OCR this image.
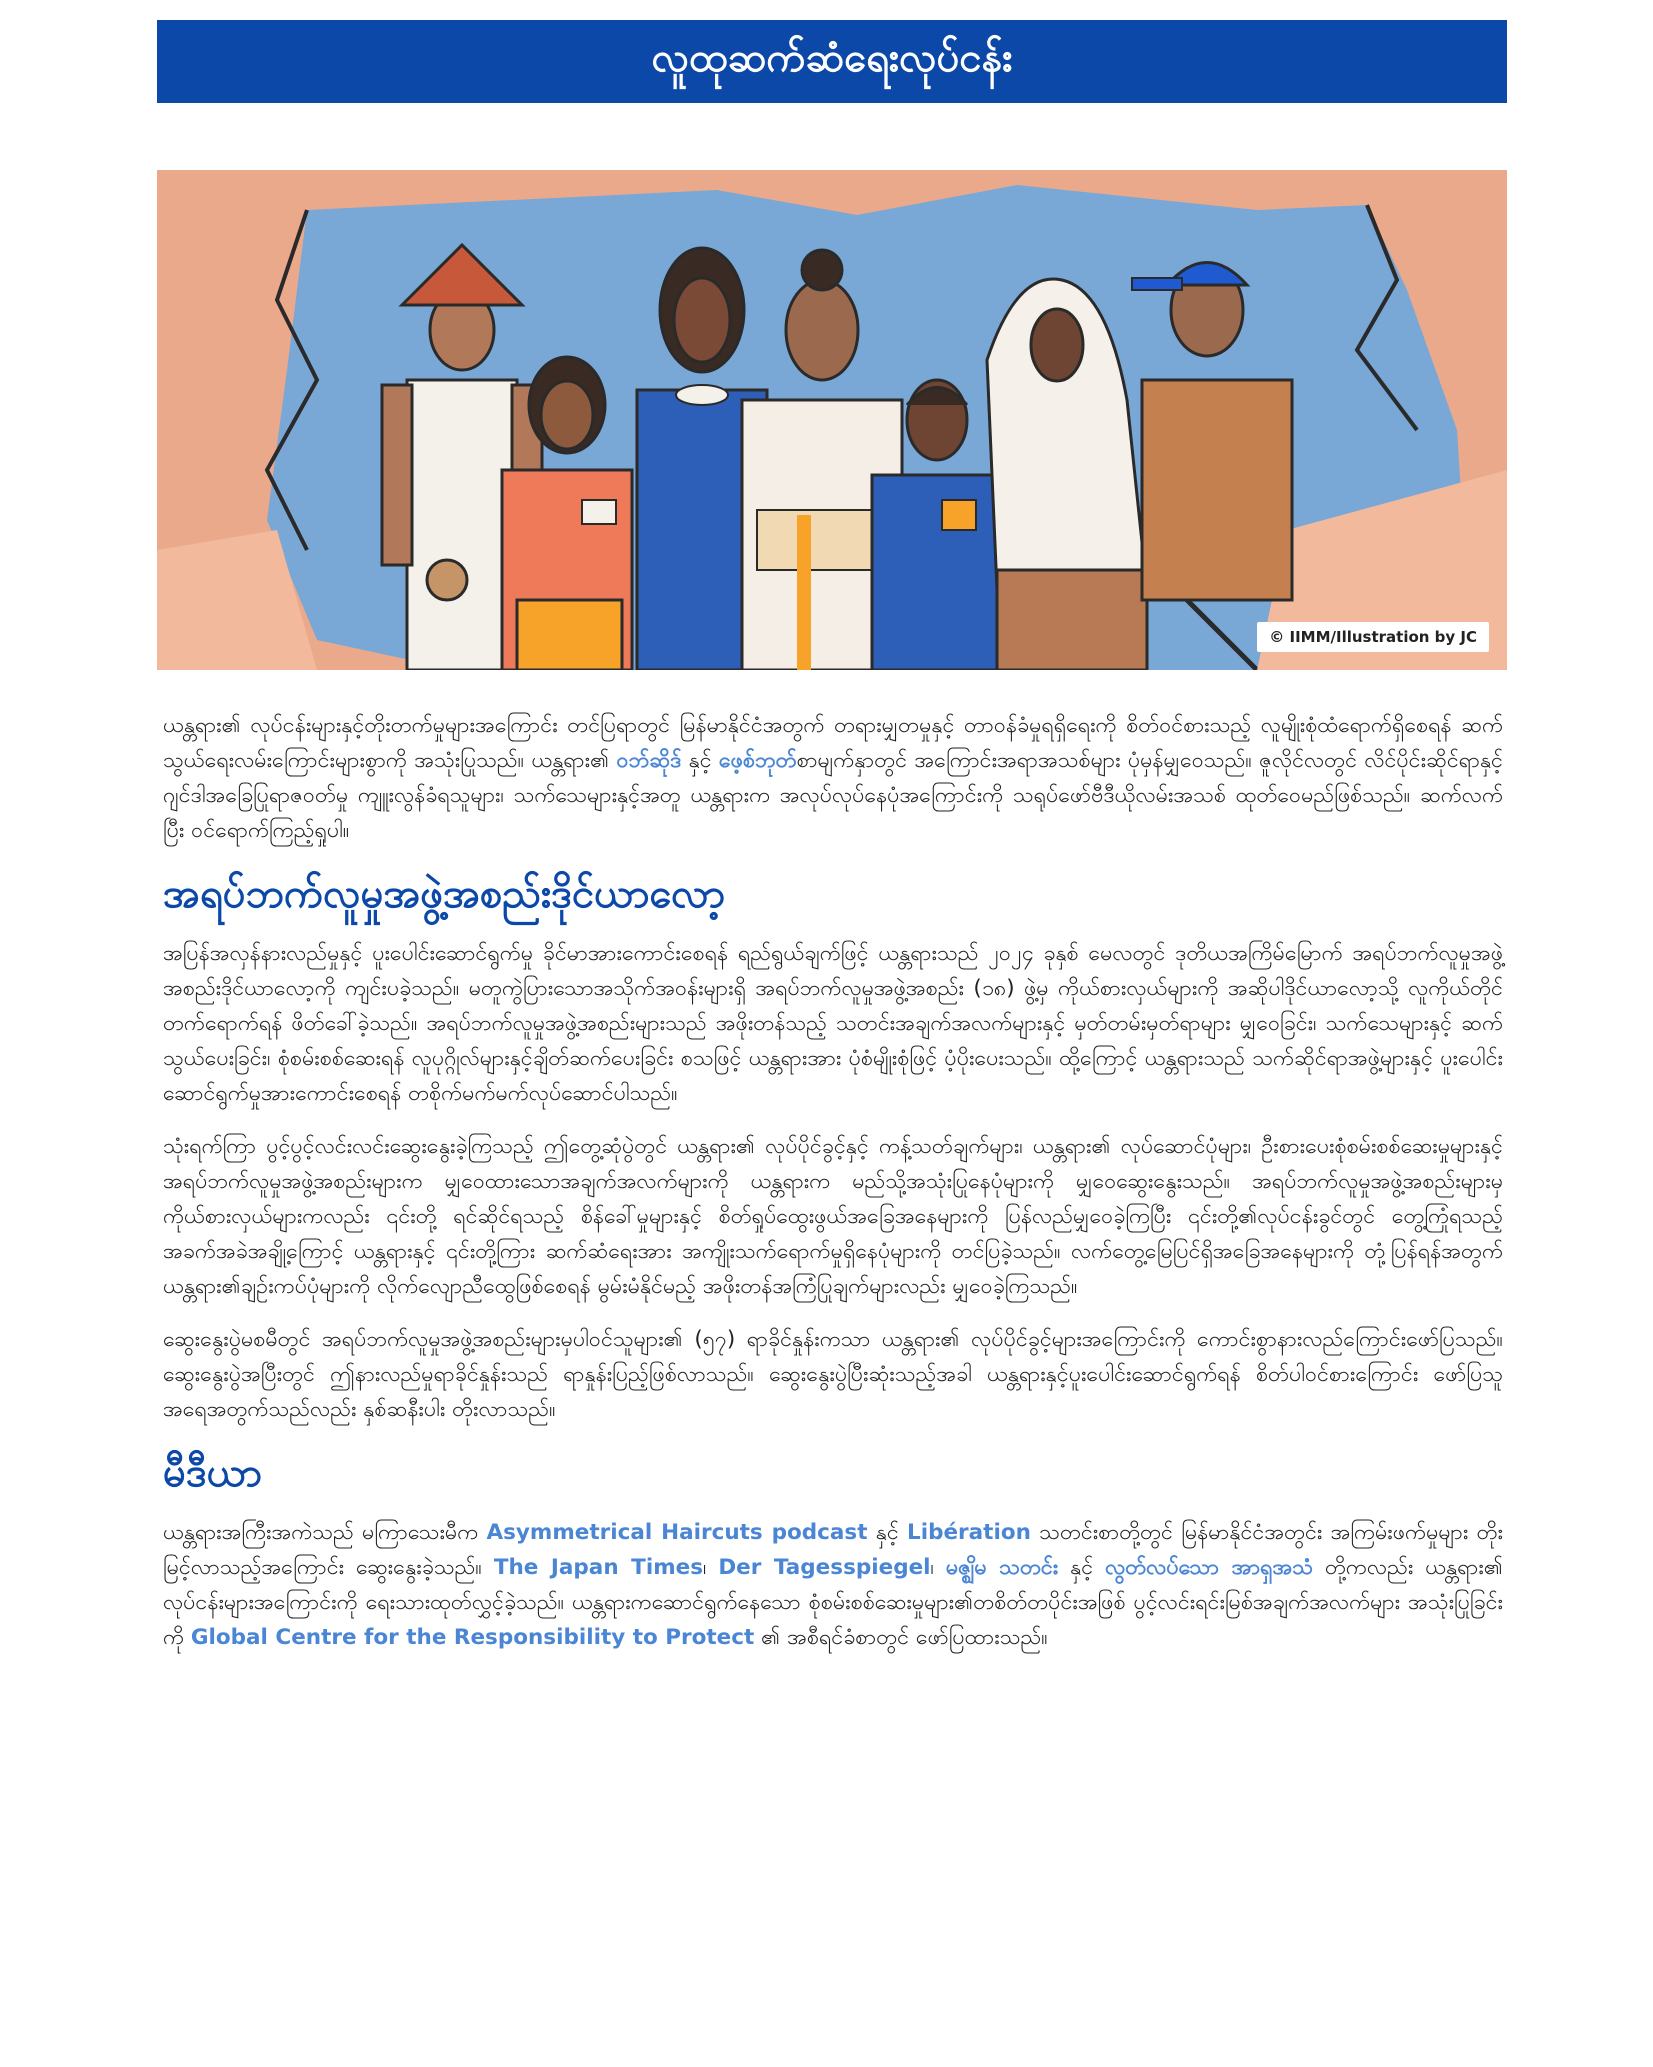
လူထုဆက်ဆံရေးလုပ်ငန်း
© IIMM/Illustration by JC

ယန္တရား၏ လုပ်ငန်းများနှင့်တိုးတက်မှုများအကြောင်း တင်ပြရာတွင် မြန်မာနိုင်ငံအတွက် တရားမျှတမှုနှင့် တာဝန်ခံမှုရရှိရေးကို စိတ်ဝင်စားသည့် လူမျိုးစုံထံရောက်ရှိစေရန် ဆက်သွယ်ရေးလမ်းကြောင်းများစွာကို အသုံးပြုသည်။ ယန္တရား၏ ဝဘ်ဆိုဒ် နှင့် ဖေ့စ်ဘုတ်စာမျက်နှာတွင် အကြောင်းအရာအသစ်များ ပုံမှန်မျှဝေသည်။ ဇူလိုင်လတွင် လိင်ပိုင်းဆိုင်ရာနှင့် ဂျင်ဒါအခြေပြုရာဇဝတ်မှု ကျူးလွန်ခံရသူများ၊ သက်သေများနှင့်အတူ ယန္တရားက အလုပ်လုပ်နေပုံအကြောင်းကို သရုပ်ဖော်ဗီဒီယိုလမ်းအသစ် ထုတ်ဝေမည်ဖြစ်သည်။ ဆက်လက်ပြီး ဝင်ရောက်ကြည့်ရှုပါ။

အရပ်ဘက်လူမှုအဖွဲ့အစည်းဒိုင်ယာလော့

အပြန်အလှန်နားလည်မှုနှင့် ပူးပေါင်းဆောင်ရွက်မှု ခိုင်မာအားကောင်းစေရန် ရည်ရွယ်ချက်ဖြင့် ယန္တရားသည် ၂၀၂၄ ခုနှစ် မေလတွင် ဒုတိယအကြိမ်မြောက် အရပ်ဘက်လူမှုအဖွဲ့အစည်းဒိုင်ယာလော့ကို ကျင်းပခဲ့သည်။ မတူကွဲပြားသောအသိုက်အဝန်းများရှိ အရပ်ဘက်လူမှုအဖွဲ့အစည်း (၁၈) ဖွဲ့မှ ကိုယ်စားလှယ်များကို အဆိုပါဒိုင်ယာလော့သို့ လူကိုယ်တိုင်တက်ရောက်ရန် ဖိတ်ခေါ်ခဲ့သည်။ အရပ်ဘက်လူမှုအဖွဲ့အစည်းများသည် အဖိုးတန်သည့် သတင်းအချက်အလက်များနှင့် မှတ်တမ်းမှတ်ရာများ မျှဝေခြင်း၊ သက်သေများနှင့် ဆက်သွယ်ပေးခြင်း၊ စုံစမ်းစစ်ဆေးရန် လူပုဂ္ဂိုလ်များနှင့်ချိတ်ဆက်ပေးခြင်း စသဖြင့် ယန္တရားအား ပုံစံမျိုးစုံဖြင့် ပံ့ပိုးပေးသည်။ ထို့ကြောင့် ယန္တရားသည် သက်ဆိုင်ရာအဖွဲ့များနှင့် ပူးပေါင်းဆောင်ရွက်မှုအားကောင်းစေရန် တစိုက်မက်မက်လုပ်ဆောင်ပါသည်။

သုံးရက်ကြာ ပွင့်ပွင့်လင်းလင်းဆွေးနွေးခဲ့ကြသည့် ဤတွေ့ဆုံပွဲတွင် ယန္တရား၏ လုပ်ပိုင်ခွင့်နှင့် ကန့်သတ်ချက်များ၊ ယန္တရား၏ လုပ်ဆောင်ပုံများ၊ ဦးစားပေးစုံစမ်းစစ်ဆေးမှုများနှင့် အရပ်ဘက်လူမှုအဖွဲ့အစည်းများက မျှဝေထားသောအချက်အလက်များကို ယန္တရားက မည်သို့အသုံးပြုနေပုံများကို မျှဝေဆွေးနွေးသည်။ အရပ်ဘက်လူမှုအဖွဲ့အစည်းများမှ ကိုယ်စားလှယ်များကလည်း ၎င်းတို့ ရင်ဆိုင်ရသည့် စိန်ခေါ်မှုများနှင့် စိတ်ရှုပ်ထွေးဖွယ်အခြေအနေများကို ပြန်လည်မျှဝေခဲ့ကြပြီး ၎င်းတို့၏လုပ်ငန်းခွင်တွင် တွေ့ကြုံရသည့်အခက်အခဲအချို့ကြောင့် ယန္တရားနှင့် ၎င်းတို့ကြား ဆက်ဆံရေးအား အကျိုးသက်ရောက်မှုရှိနေပုံများကို တင်ပြခဲ့သည်။ လက်တွေ့မြေပြင်ရှိအခြေအနေများကို တုံ့ပြန်ရန်အတွက် ယန္တရား၏ချဉ်းကပ်ပုံများကို လိုက်လျောညီထွေဖြစ်စေရန် မွမ်းမံနိုင်မည့် အဖိုးတန်အကြံပြုချက်များလည်း မျှဝေခဲ့ကြသည်။

ဆွေးနွေးပွဲမစမီတွင် အရပ်ဘက်လူမှုအဖွဲ့အစည်းများမှပါဝင်သူများ၏ (၅၇) ရာခိုင်နှုန်းကသာ ယန္တရား၏ လုပ်ပိုင်ခွင့်များအကြောင်းကို ကောင်းစွာနားလည်ကြောင်းဖော်ပြသည်။ ဆွေးနွေးပွဲအပြီးတွင် ဤနားလည်မှုရာခိုင်နှုန်းသည် ရာနှုန်းပြည့်ဖြစ်လာသည်။ ဆွေးနွေးပွဲပြီးဆုံးသည့်အခါ ယန္တရားနှင့်ပူးပေါင်းဆောင်ရွက်ရန် စိတ်ပါဝင်စားကြောင်း ဖော်ပြသူအရေအတွက်သည်လည်း နှစ်ဆနီးပါး တိုးလာသည်။

မီဒီယာ

ယန္တရားအကြီးအကဲသည် မကြာသေးမီက Asymmetrical Haircuts podcast နှင့် Libération သတင်းစာတို့တွင် မြန်မာနိုင်ငံအတွင်း အကြမ်းဖက်မှုများ တိုးမြင့်လာသည့်အကြောင်း ဆွေးနွေးခဲ့သည်။ The Japan Times၊ Der Tagesspiegel၊ မဇ္ဈိမ သတင်း နှင့် လွတ်လပ်သော အာရှအသံ တို့ကလည်း ယန္တရား၏ လုပ်ငန်းများအကြောင်းကို ရေးသားထုတ်လွှင့်ခဲ့သည်။ ယန္တရားကဆောင်ရွက်နေသော စုံစမ်းစစ်ဆေးမှုများ၏တစိတ်တပိုင်းအဖြစ် ပွင့်လင်းရင်းမြစ်အချက်အလက်များ အသုံးပြုခြင်းကို Global Centre for the Responsibility to Protect ၏ အစီရင်ခံစာတွင် ဖော်ပြထားသည်။
